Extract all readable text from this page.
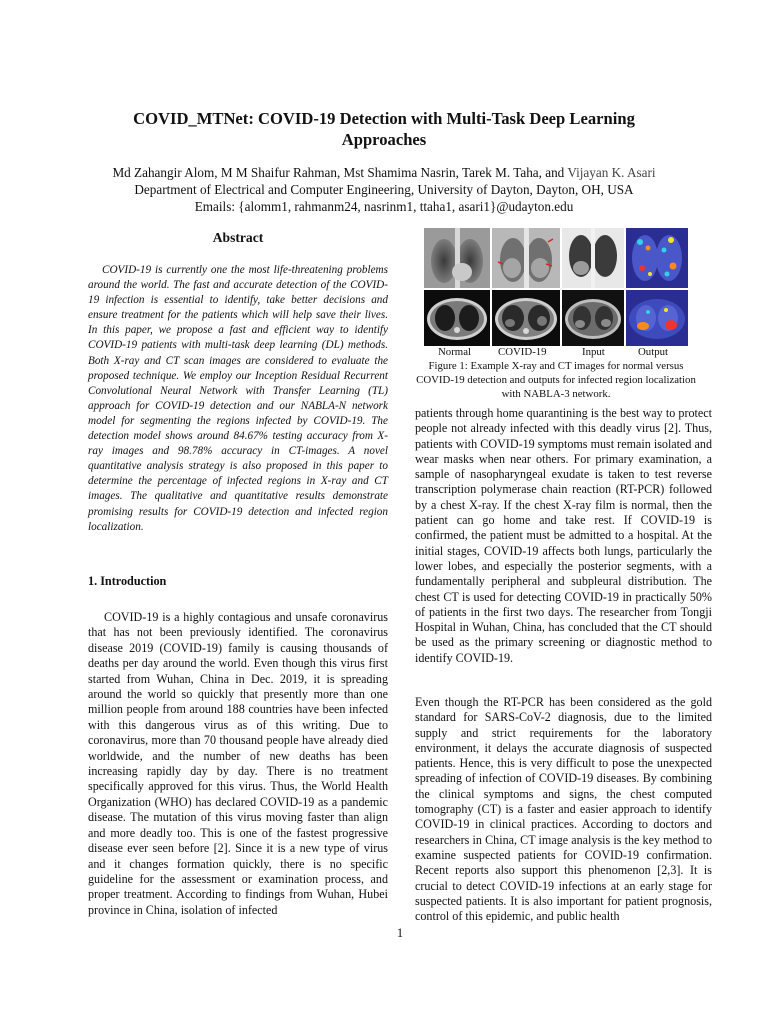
COVID_MTNet: COVID-19 Detection with Multi-Task Deep Learning Approaches
Md Zahangir Alom, M M Shaifur Rahman, Mst Shamima Nasrin, Tarek M. Taha, and Vijayan K. Asari
Department of Electrical and Computer Engineering, University of Dayton, Dayton, OH, USA
Emails: {alomm1, rahmanm24, nasrinm1, ttaha1, asari1}@udayton.edu
Abstract

COVID-19 is currently one the most life-threatening problems around the world. The fast and accurate detection of the COVID-19 infection is essential to identify, take better decisions and ensure treatment for the patients which will help save their lives. In this paper, we propose a fast and efficient way to identify COVID-19 patients with multi-task deep learning (DL) methods. Both X-ray and CT scan images are considered to evaluate the proposed technique. We employ our Inception Residual Recurrent Convolutional Neural Network with Transfer Learning (TL) approach for COVID-19 detection and our NABLA-N network model for segmenting the regions infected by COVID-19. The detection model shows around 84.67% testing accuracy from X-ray images and 98.78% accuracy in CT-images. A novel quantitative analysis strategy is also proposed in this paper to determine the percentage of infected regions in X-ray and CT images. The qualitative and quantitative results demonstrate promising results for COVID-19 detection and infected region localization.

1. Introduction

COVID-19 is a highly contagious and unsafe coronavirus that has not been previously identified. The coronavirus disease 2019 (COVID-19) family is causing thousands of deaths per day around the world. Even though this virus first started from Wuhan, China in Dec. 2019, it is spreading around the world so quickly that presently more than one million people from around 188 countries have been infected with this dangerous virus as of this writing. Due to coronavirus, more than 70 thousand people have already died worldwide, and the number of new deaths has been increasing rapidly day by day. There is no treatment specifically approved for this virus. Thus, the World Health Organization (WHO) has declared COVID-19 as a pandemic disease. The mutation of this virus moving faster than align and more deadly too. This is one of the fastest progressive disease ever seen before [2]. Since it is a new type of virus and it changes formation quickly, there is no specific guideline for the assessment or examination process, and proper treatment. According to findings from Wuhan, Hubei province in China, isolation of infected

Normal	COVID-19	Input	Output

Figure 1: Example X-ray and CT images for normal versus COVID-19 detection and outputs for infected region localization with NABLA-3 network.

patients through home quarantining is the best way to protect people not already infected with this deadly virus [2]. Thus, patients with COVID-19 symptoms must remain isolated and wear masks when near others. For primary examination, a sample of nasopharyngeal exudate is taken to test reverse transcription polymerase chain reaction (RT-PCR) followed by a chest X-ray. If the chest X-ray film is normal, then the patient can go home and take rest. If COVID-19 is confirmed, the patient must be admitted to a hospital. At the initial stages, COVID-19 affects both lungs, particularly the lower lobes, and especially the posterior segments, with a fundamentally peripheral and subpleural distribution. The chest CT is used for detecting COVID-19 in practically 50% of patients in the first two days. The researcher from Tongji Hospital in Wuhan, China, has concluded that the CT should be used as the primary screening or diagnostic method to identify COVID-19.

Even though the RT-PCR has been considered as the gold standard for SARS-CoV-2 diagnosis, due to the limited supply and strict requirements for the laboratory environment, it delays the accurate diagnosis of suspected patients. Hence, this is very difficult to pose the unexpected spreading of infection of COVID-19 diseases. By combining the clinical symptoms and signs, the chest computed tomography (CT) is a faster and easier approach to identify COVID-19 in clinical practices. According to doctors and researchers in China, CT image analysis is the key method to examine suspected patients for COVID-19 confirmation. Recent reports also support this phenomenon [2,3]. It is crucial to detect COVID-19 infections at an early stage for suspected patients. It is also important for patient prognosis, control of this epidemic, and public health

1
